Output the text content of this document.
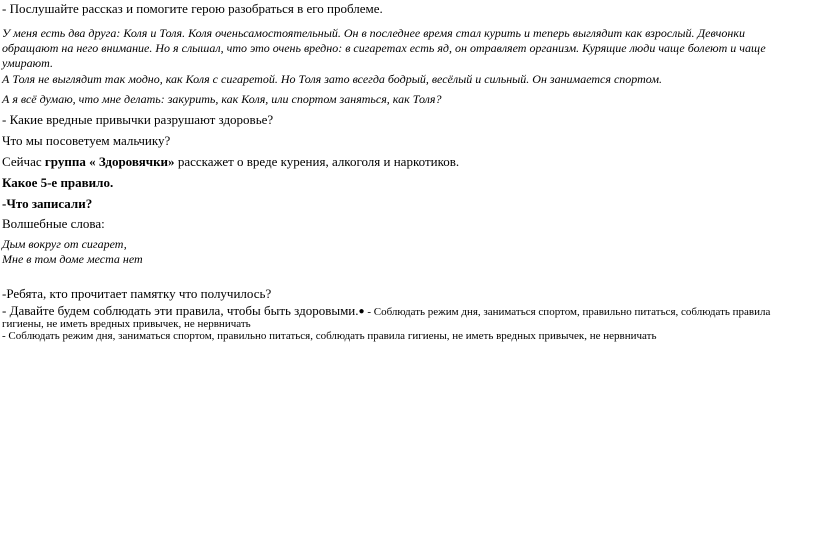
- Послушайте рассказ и помогите герою разобраться в его проблеме.

У меня есть два друга: Коля и Толя. Коля оченьсамостоятельный. Он в последнее время стал курить и теперь выглядит как взрослый. Девчонки

обращают на него внимание. Но я слышал, что это очень вредно: в сигаретах есть яд, он отравляет организм. Курящие люди чаще болеют и чаще

умирают.

А Толя не выглядит так модно, как Коля с сигаретой. Но Толя зато всегда бодрый, весёлый и сильный. Он занимается спортом.

А я всё думаю, что мне делать: закурить, как Коля, или спортом заняться, как Толя?

- Какие вредные привычки разрушают здоровье?

Что мы посоветуем мальчику?

Сейчас группа « Здоровячки» расскажет о вреде курения, алкоголя и наркотиков.

Какое 5-е правило.

-Что записали?

Волшебные слова:

Дым вокруг от сигарет,

Мне в том доме места нет

-Ребята, кто прочитает памятку что получилось?

- Давайте будем соблюдать эти правила, чтобы быть здоровыми.● - Соблюдать режим дня, заниматься спортом, правильно питаться, соблюдать правила

гигиены, не иметь вредных привычек, не нервничать

- Соблюдать режим дня, заниматься спортом, правильно питаться, соблюдать правила гигиены, не иметь вредных привычек, не нервничать
